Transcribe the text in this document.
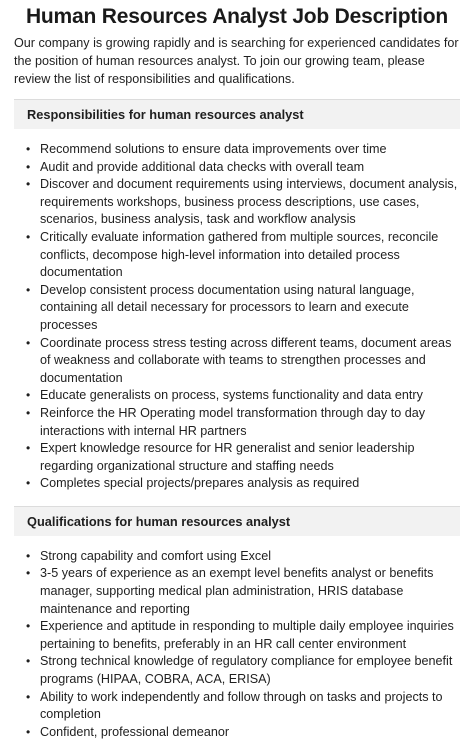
Human Resources Analyst Job Description

Our company is growing rapidly and is searching for experienced candidates for the position of human resources analyst. To join our growing team, please review the list of responsibilities and qualifications.

Responsibilities for human resources analyst
• Recommend solutions to ensure data improvements over time
• Audit and provide additional data checks with overall team
• Discover and document requirements using interviews, document analysis, requirements workshops, business process descriptions, use cases, scenarios, business analysis, task and workflow analysis
• Critically evaluate information gathered from multiple sources, reconcile conflicts, decompose high-level information into detailed process documentation
• Develop consistent process documentation using natural language, containing all detail necessary for processors to learn and execute processes
• Coordinate process stress testing across different teams, document areas of weakness and collaborate with teams to strengthen processes and documentation
• Educate generalists on process, systems functionality and data entry
• Reinforce the HR Operating model transformation through day to day interactions with internal HR partners
• Expert knowledge resource for HR generalist and senior leadership regarding organizational structure and staffing needs
• Completes special projects/prepares analysis as required
Qualifications for human resources analyst
• Strong capability and comfort using Excel
• 3-5 years of experience as an exempt level benefits analyst or benefits manager, supporting medical plan administration, HRIS database maintenance and reporting
• Experience and aptitude in responding to multiple daily employee inquiries pertaining to benefits, preferably in an HR call center environment
• Strong technical knowledge of regulatory compliance for employee benefit programs (HIPAA, COBRA, ACA, ERISA)
• Ability to work independently and follow through on tasks and projects to completion
• Confident, professional demeanor
